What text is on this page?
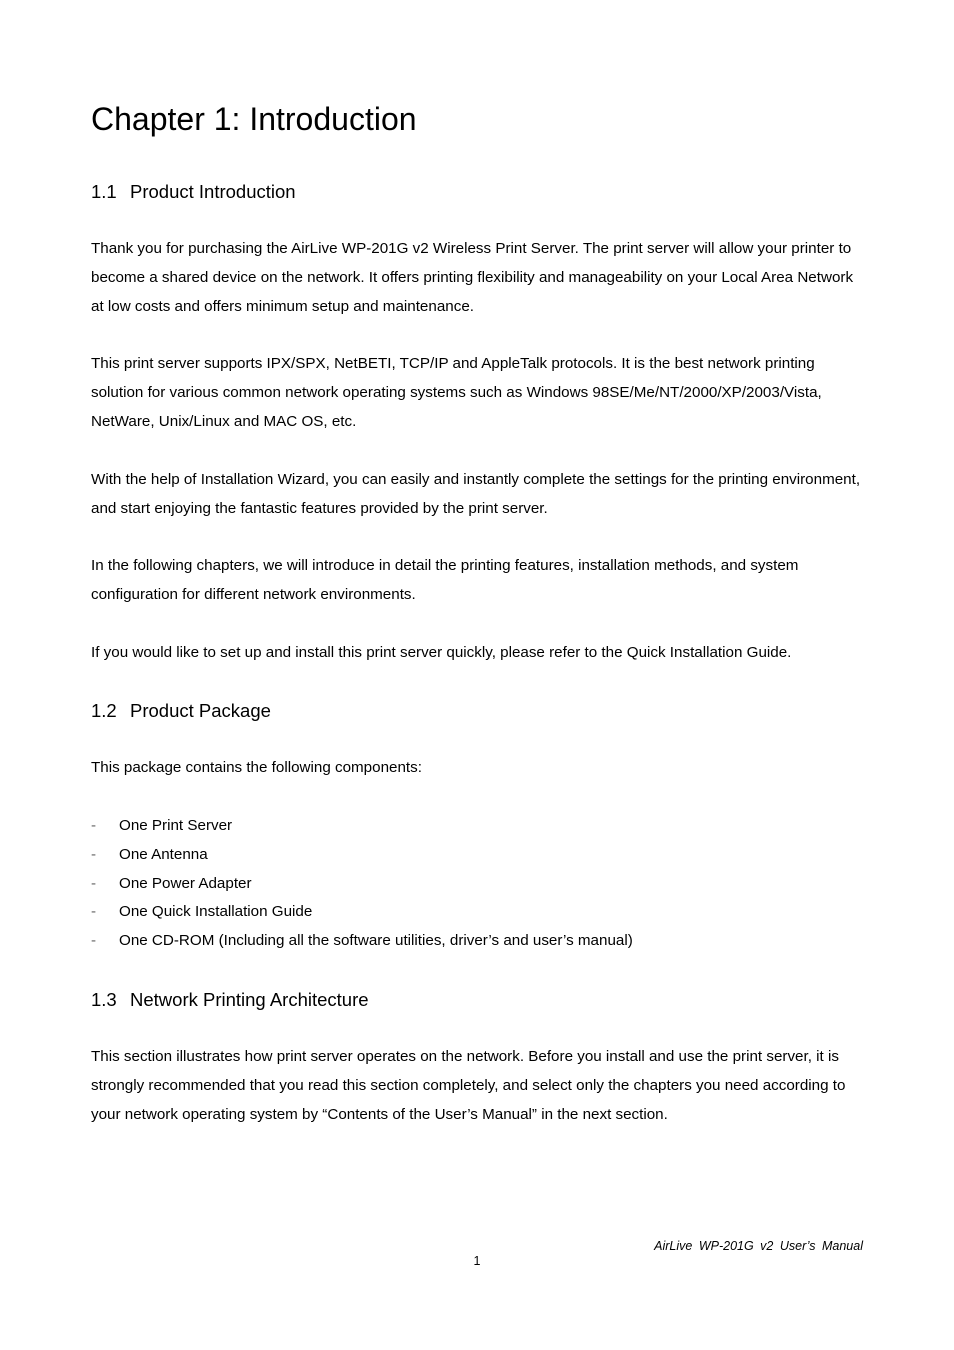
Chapter 1: Introduction
1.1 Product Introduction

Thank you for purchasing the AirLive WP-201G v2 Wireless Print Server. The print server will allow your printer to become a shared device on the network. It offers printing flexibility and manageability on your Local Area Network at low costs and offers minimum setup and maintenance.

This print server supports IPX/SPX, NetBETI, TCP/IP and AppleTalk protocols. It is the best network printing solution for various common network operating systems such as Windows 98SE/Me/NT/2000/XP/2003/Vista, NetWare, Unix/Linux and MAC OS, etc.

With the help of Installation Wizard, you can easily and instantly complete the settings for the printing environment, and start enjoying the fantastic features provided by the print server.

In the following chapters, we will introduce in detail the printing features, installation methods, and system configuration for different network environments.

If you would like to set up and install this print server quickly, please refer to the Quick Installation Guide.

1.2 Product Package

This package contains the following components:

- One Print Server
- One Antenna
- One Power Adapter
- One Quick Installation Guide
- One CD-ROM (Including all the software utilities, driver’s and user’s manual)
1.3 Network Printing Architecture

This section illustrates how print server operates on the network. Before you install and use the print server, it is strongly recommended that you read this section completely, and select only the chapters you need according to your network operating system by “Contents of the User’s Manual” in the next section.

AirLive WP-201G v2 User’s Manual
1
